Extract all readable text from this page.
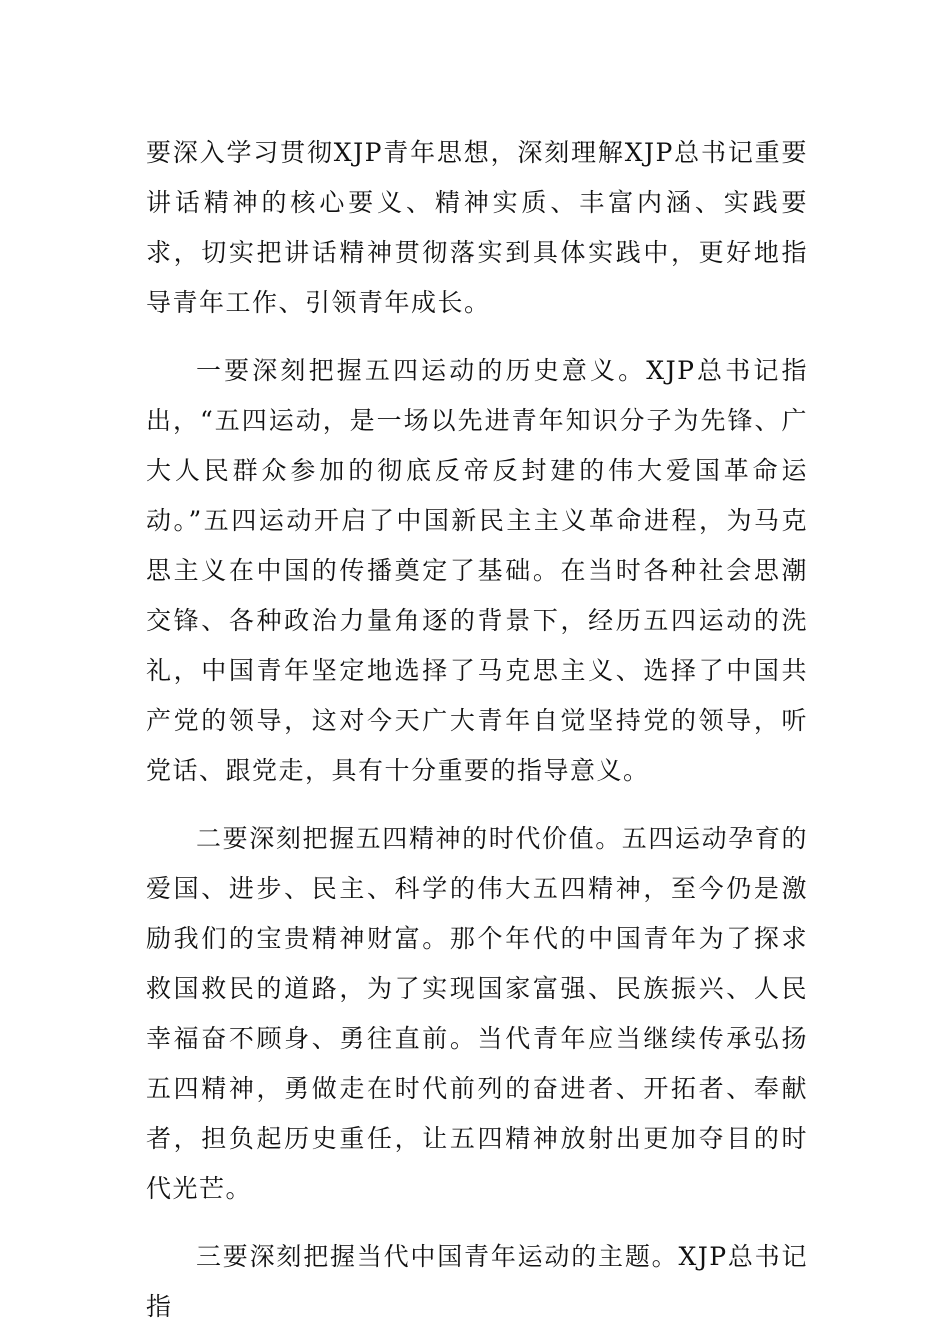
要深入学习贯彻XJP青年思想，深刻理解XJP总书记重要讲话精神的核心要义、精神实质、丰富内涵、实践要求，切实把讲话精神贯彻落实到具体实践中，更好地指导青年工作、引领青年成长。

一要深刻把握五四运动的历史意义。XJP总书记指出，“五四运动，是一场以先进青年知识分子为先锋、广大人民群众参加的彻底反帝反封建的伟大爱国革命运动。”五四运动开启了中国新民主主义革命进程，为马克思主义在中国的传播奠定了基础。在当时各种社会思潮交锋、各种政治力量角逐的背景下，经历五四运动的洗礼，中国青年坚定地选择了马克思主义、选择了中国共产党的领导，这对今天广大青年自觉坚持党的领导，听党话、跟党走，具有十分重要的指导意义。

二要深刻把握五四精神的时代价值。五四运动孕育的爱国、进步、民主、科学的伟大五四精神，至今仍是激励我们的宝贵精神财富。那个年代的中国青年为了探求救国救民的道路，为了实现国家富强、民族振兴、人民幸福奋不顾身、勇往直前。当代青年应当继续传承弘扬五四精神，勇做走在时代前列的奋进者、开拓者、奉献者，担负起历史重任，让五四精神放射出更加夺目的时代光芒。

三要深刻把握当代中国青年运动的主题。XJP总书记指
